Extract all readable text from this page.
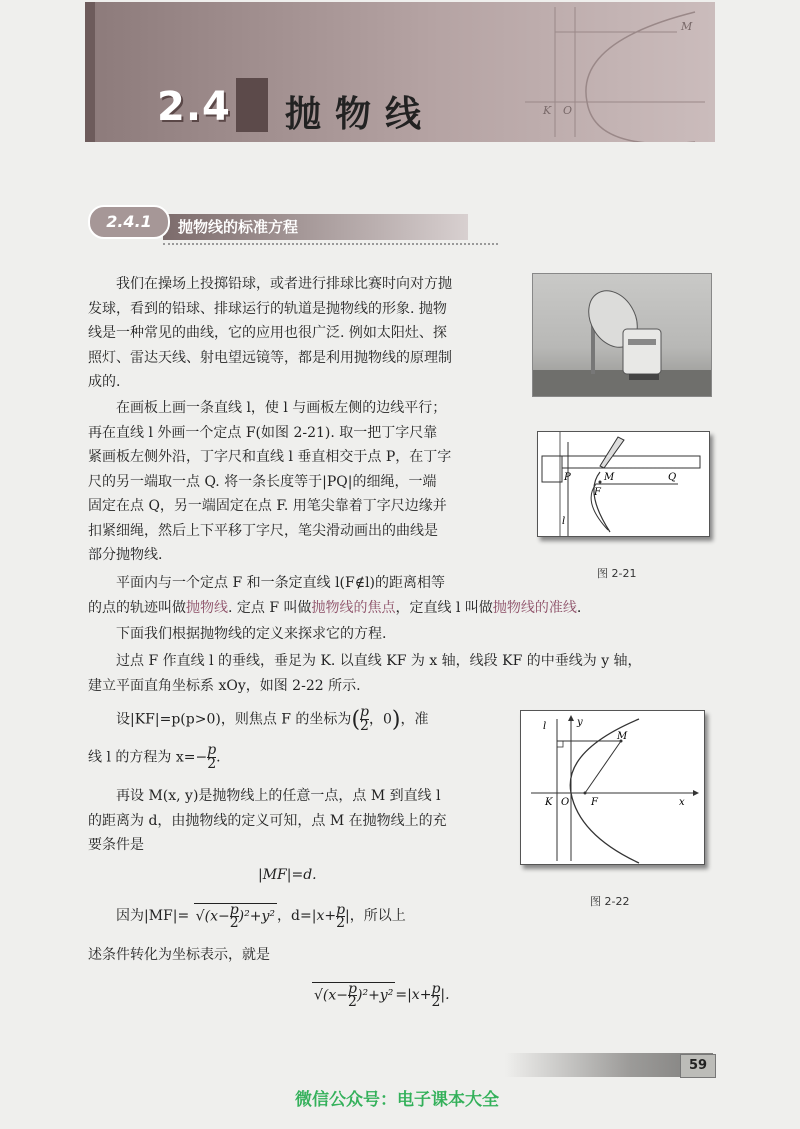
K O
M
2.4 抛物线
2.4.1	抛物线的标准方程
我们在操场上投掷铅球，或者进行排球比赛时向对方抛
发球，看到的铅球、排球运行的轨道是抛物线的形象. 抛物
线是一种常见的曲线，它的应用也很广泛. 例如太阳灶、探
照灯、雷达天线、射电望远镜等，都是利用抛物线的原理制
成的.
在画板上画一条直线 l，使 l 与画板左侧的边线平行；
再在直线 l 外画一个定点 F(如图 2-21). 取一把丁字尺靠
紧画板左侧外沿，丁字尺和直线 l 垂直相交于点 P，在丁字
尺的另一端取一点 Q. 将一条长度等于|PQ|的细绳，一端
固定在点 Q，另一端固定在点 F. 用笔尖靠着丁字尺边缘并
扣紧细绳，然后上下平移丁字尺，笔尖滑动画出的曲线是
部分抛物线.
P	M	Q
F
l
图 2-21
平面内与一个定点 F 和一条定直线 l(F∉l)的距离相等
的点的轨迹叫做抛物线. 定点 F 叫做抛物线的焦点，定直线 l 叫做抛物线的准线.
下面我们根据抛物线的定义来探求它的方程.
过点 F 作直线 l 的垂线，垂足为 K. 以直线 KF 为 x 轴，线段 KF 的中垂线为 y 轴，
建立平面直角坐标系 xOy，如图 2-22 所示.
设|KF|=p(p>0)，则焦点 F 的坐标为( $\frac{p}{2}$ ，0)，准
线 l 的方程为 $x=- \frac{p}{2}$ .
l	y
M
K O F	x
图 2-22
再设 M(x, y)是抛物线上的任意一点，点 M 到直线 l
的距离为 d，由抛物线的定义可知，点 M 在抛物线上的充
要条件是
|MF|=d.
因为$|MF|= √(x- \frac{p}{2} )^2+y^2$ ，$d=|x+ \frac{p}{2}$ |，所以上
述条件转化为坐标表示，就是
$√(x- \frac{p}{2} )^2+y^2 =|x+ \frac{p}{2}$ |.
59
微信公众号：电子课本大全
